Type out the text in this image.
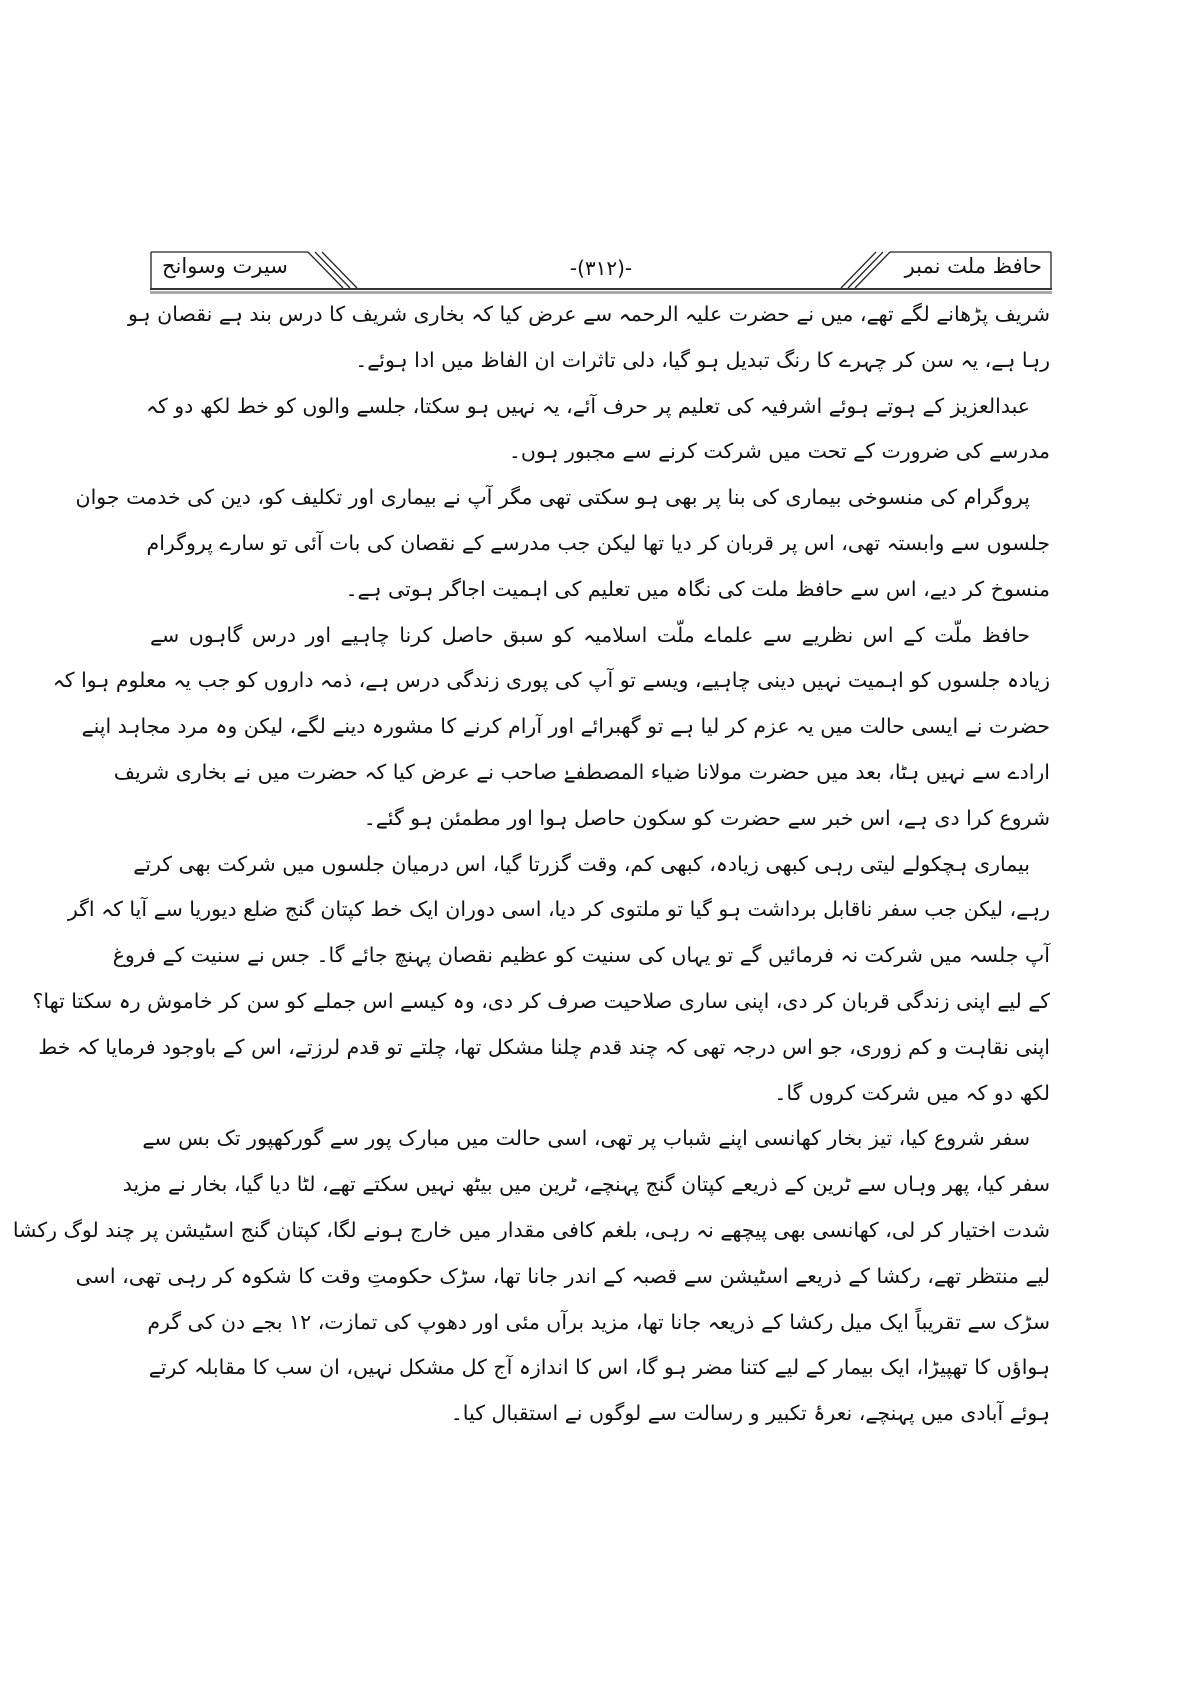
حافظ ملت نمبر
-(۳۱۲)-
سیرت وسوانح
شریف پڑھانے لگے تھے، میں نے حضرت علیہ الرحمہ سے عرض کیا کہ بخاری شریف کا درس بند ہے نقصان ہو
رہا ہے، یہ سن کر چہرے کا رنگ تبدیل ہو گیا، دلی تاثرات ان الفاظ میں ادا ہوئے۔
عبدالعزیز کے ہوتے ہوئے اشرفیہ کی تعلیم پر حرف آئے، یہ نہیں ہو سکتا، جلسے والوں کو خط لکھ دو کہ
مدرسے کی ضرورت کے تحت میں شرکت کرنے سے مجبور ہوں۔
پروگرام کی منسوخی بیماری کی بنا پر بھی ہو سکتی تھی مگر آپ نے بیماری اور تکلیف کو، دین کی خدمت جوان
جلسوں سے وابستہ تھی، اس پر قربان کر دیا تھا لیکن جب مدرسے کے نقصان کی بات آئی تو سارے پروگرام
منسوخ کر دیے، اس سے حافظ ملت کی نگاہ میں تعلیم کی اہمیت اجاگر ہوتی ہے۔
حافظ ملّت کے اس نظریے سے علماے ملّت اسلامیہ کو سبق حاصل کرنا چاہیے اور درس گاہوں سے
زیادہ جلسوں کو اہمیت نہیں دینی چاہیے، ویسے تو آپ کی پوری زندگی درس ہے، ذمہ داروں کو جب یہ معلوم ہوا کہ
حضرت نے ایسی حالت میں یہ عزم کر لیا ہے تو گھبرائے اور آرام کرنے کا مشورہ دینے لگے، لیکن وہ مرد مجاہد اپنے
ارادے سے نہیں ہٹا، بعد میں حضرت مولانا ضیاء المصطفےٰ صاحب نے عرض کیا کہ حضرت میں نے بخاری شریف
شروع کرا دی ہے، اس خبر سے حضرت کو سکون حاصل ہوا اور مطمئن ہو گئے۔
بیماری ہچکولے لیتی رہی کبھی زیادہ، کبھی کم، وقت گزرتا گیا، اس درمیان جلسوں میں شرکت بھی کرتے
رہے، لیکن جب سفر ناقابل برداشت ہو گیا تو ملتوی کر دیا، اسی دوران ایک خط کپتان گنج ضلع دیوریا سے آیا کہ اگر
آپ جلسہ میں شرکت نہ فرمائیں گے تو یہاں کی سنیت کو عظیم نقصان پہنچ جائے گا۔ جس نے سنیت کے فروغ
کے لیے اپنی زندگی قربان کر دی، اپنی ساری صلاحیت صرف کر دی، وہ کیسے اس جملے کو سن کر خاموش رہ سکتا تھا؟
اپنی نقاہت و کم زوری، جو اس درجہ تھی کہ چند قدم چلنا مشکل تھا، چلتے تو قدم لرزتے، اس کے باوجود فرمایا کہ خط
لکھ دو کہ میں شرکت کروں گا۔
سفر شروع کیا، تیز بخار کھانسی اپنے شباب پر تھی، اسی حالت میں مبارک پور سے گورکھپور تک بس سے
سفر کیا، پھر وہاں سے ٹرین کے ذریعے کپتان گنج پہنچے، ٹرین میں بیٹھ نہیں سکتے تھے، لٹا دیا گیا، بخار نے مزید
شدت اختیار کر لی، کھانسی بھی پیچھے نہ رہی، بلغم کافی مقدار میں خارج ہونے لگا، کپتان گنج اسٹیشن پر چند لوگ رکشا
لیے منتظر تھے، رکشا کے ذریعے اسٹیشن سے قصبہ کے اندر جانا تھا، سڑک حکومتِ وقت کا شکوہ کر رہی تھی، اسی
سڑک سے تقریباً ایک میل رکشا کے ذریعہ جانا تھا، مزید برآں مئی اور دھوپ کی تمازت، ۱۲ بجے دن کی گرم
ہواؤں کا تھپیڑا، ایک بیمار کے لیے کتنا مضر ہو گا، اس کا اندازہ آج کل مشکل نہیں، ان سب کا مقابلہ کرتے
ہوئے آبادی میں پہنچے، نعرۂ تکبیر و رسالت سے لوگوں نے استقبال کیا۔
